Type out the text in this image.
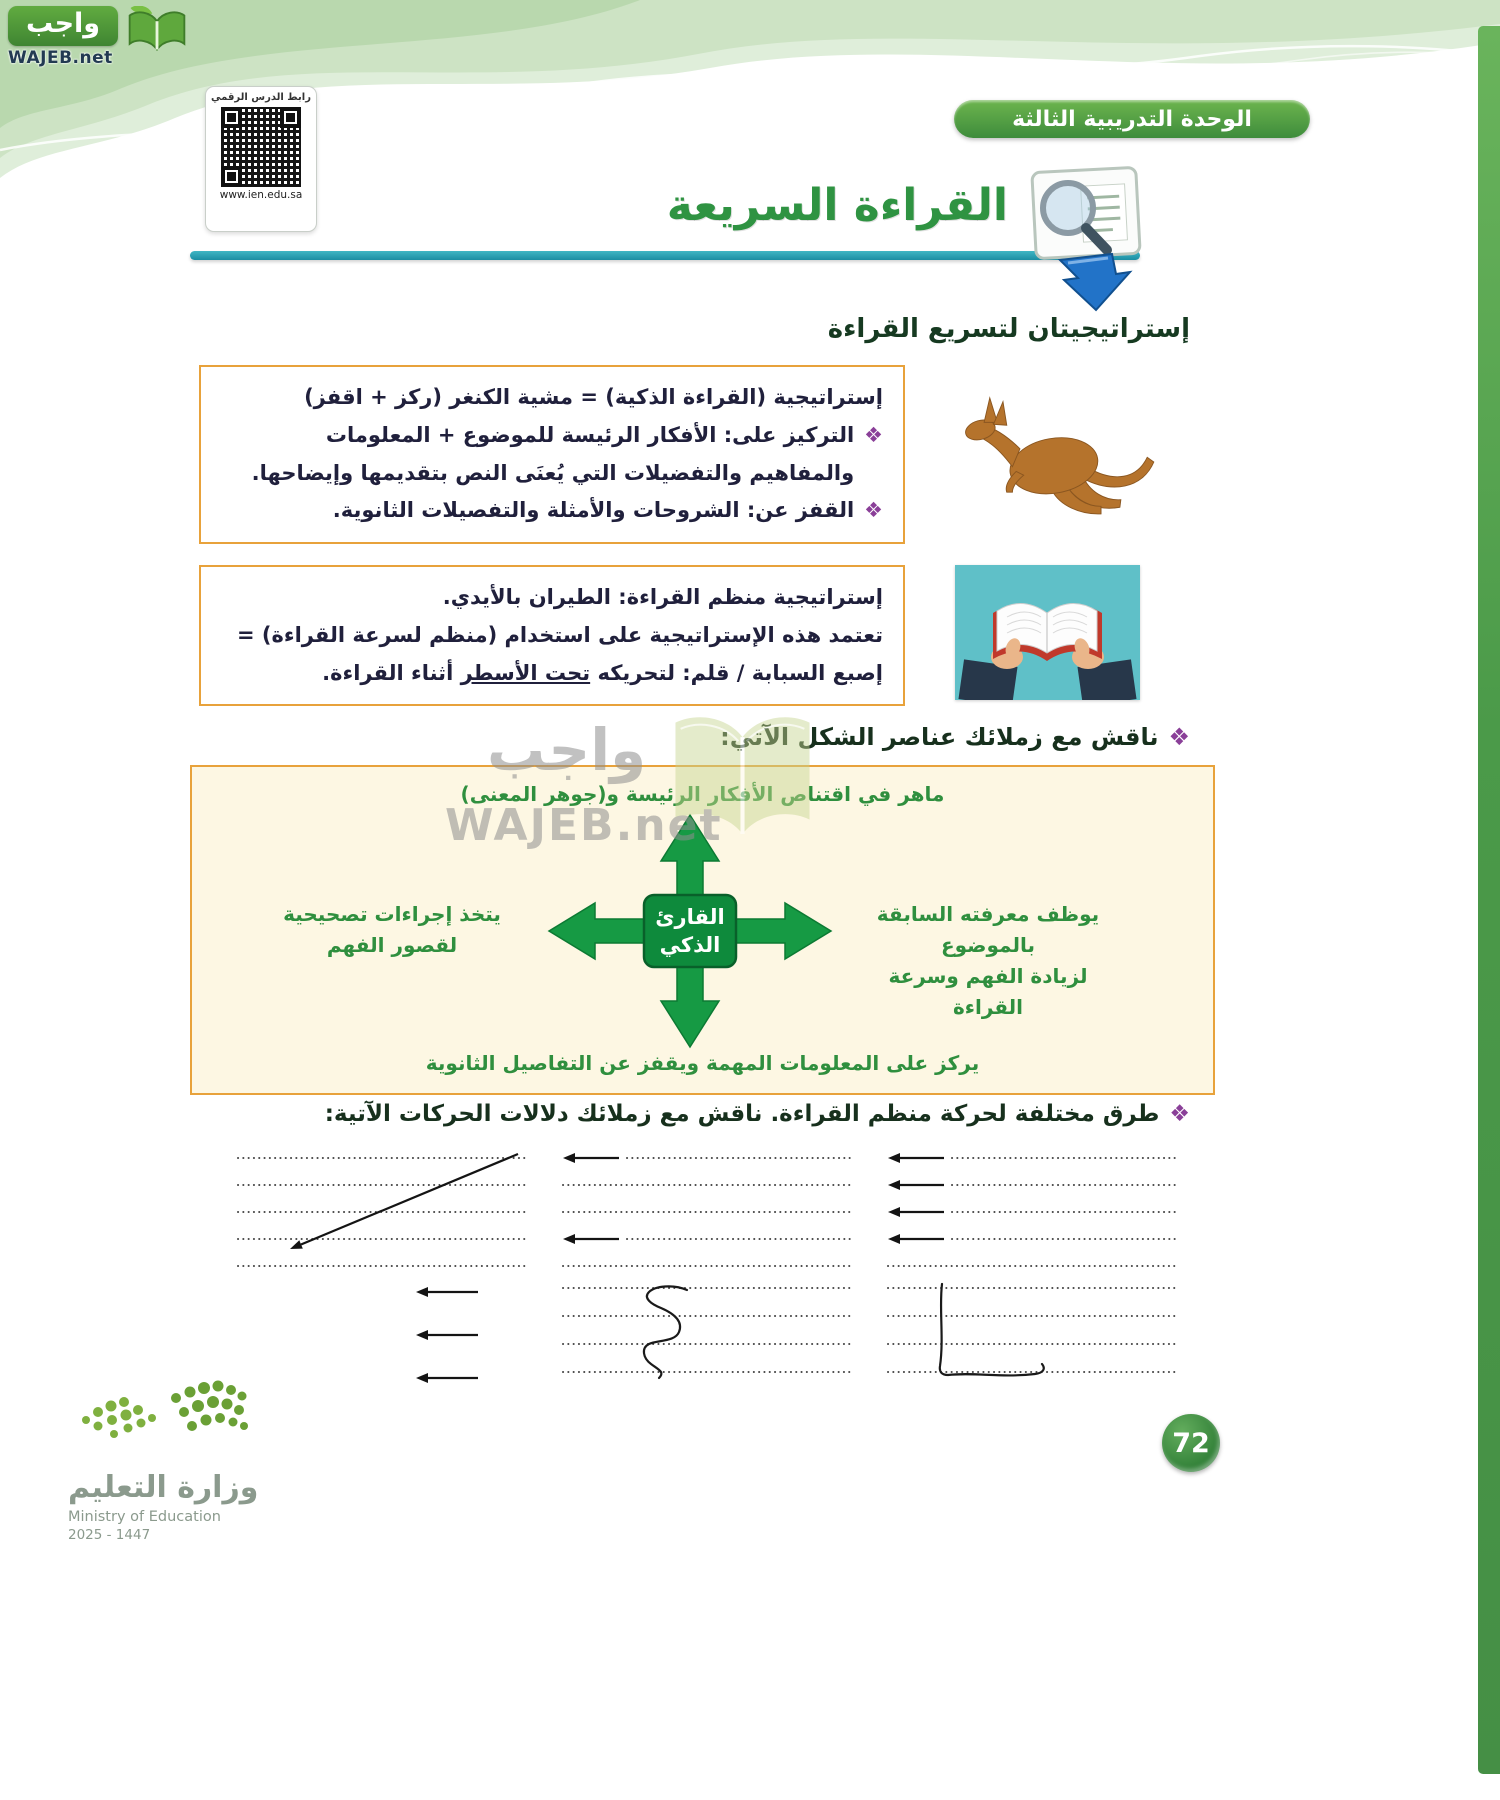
واجب
WAJEB.net
رابط الدرس الرقمي
www.ien.edu.sa
الوحدة التدريبية الثالثة
القراءة السريعة
إستراتيجيتان لتسريع القراءة
إستراتيجية (القراءة الذكية) = مشية الكنغر (ركز + اقفز)
❖
التركيز على: الأفكار الرئيسة للموضوع + المعلومات والمفاهيم والتفضيلات التي يُعنَى النص بتقديمها وإيضاحها.
❖
القفز عن: الشروحات والأمثلة والتفصيلات الثانوية.
إستراتيجية منظم القراءة: الطيران بالأيدي.
تعتمد هذه الإستراتيجية على استخدام (منظم لسرعة القراءة) = إصبع السبابة / قلم: لتحريكه تحت الأسطر أثناء القراءة.
❖
ناقش مع زملائك عناصر الشكل الآتي:
ماهر في اقتناص الأفكار الرئيسة و(جوهر المعنى)
يوظف معرفته السابقة بالموضوع
لزيادة الفهم وسرعة القراءة
يتخذ إجراءات تصحيحية
لقصور الفهم
يركز على المعلومات المهمة ويقفز عن التفاصيل الثانوية
القارئ
الذكي
واجب
WAJEB.net
❖
طرق مختلفة لحركة منظم القراءة. ناقش مع زملائك دلالات الحركات الآتية:
وزارة التعليم
Ministry of Education
2025 - 1447
72
